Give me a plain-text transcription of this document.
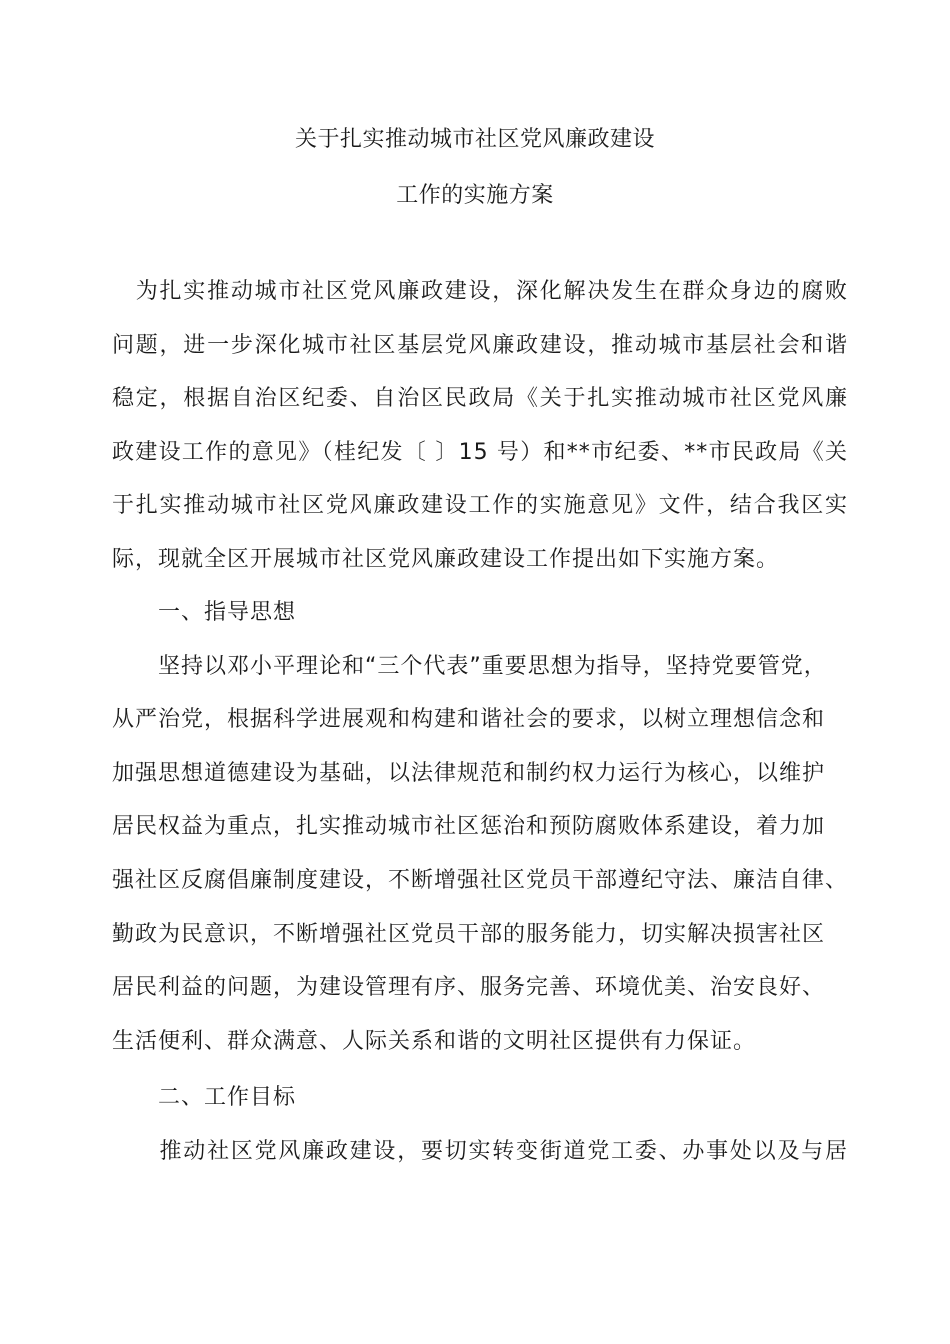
关于扎实推动城市社区党风廉政建设
工作的实施方案
　为扎实推动城市社区党风廉政建设，深化解决发生在群众身边的腐败
问题，进一步深化城市社区基层党风廉政建设，推动城市基层社会和谐
稳定，根据自治区纪委、自治区民政局《关于扎实推动城市社区党风廉
政建设工作的意见》（桂纪发〔 〕15 号）和**市纪委、**市民政局《关
于扎实推动城市社区党风廉政建设工作的实施意见》文件，结合我区实
际，现就全区开展城市社区党风廉政建设工作提出如下实施方案。
　　一、指导思想
　　坚持以邓小平理论和“三个代表”重要思想为指导，坚持党要管党，
从严治党，根据科学进展观和构建和谐社会的要求，以树立理想信念和
加强思想道德建设为基础，以法律规范和制约权力运行为核心，以维护
居民权益为重点，扎实推动城市社区惩治和预防腐败体系建设，着力加
强社区反腐倡廉制度建设，不断增强社区党员干部遵纪守法、廉洁自律、
勤政为民意识，不断增强社区党员干部的服务能力，切实解决损害社区
居民利益的问题，为建设管理有序、服务完善、环境优美、治安良好、
生活便利、群众满意、人际关系和谐的文明社区提供有力保证。
　　二、工作目标
　　推动社区党风廉政建设，要切实转变街道党工委、办事处以及与居
